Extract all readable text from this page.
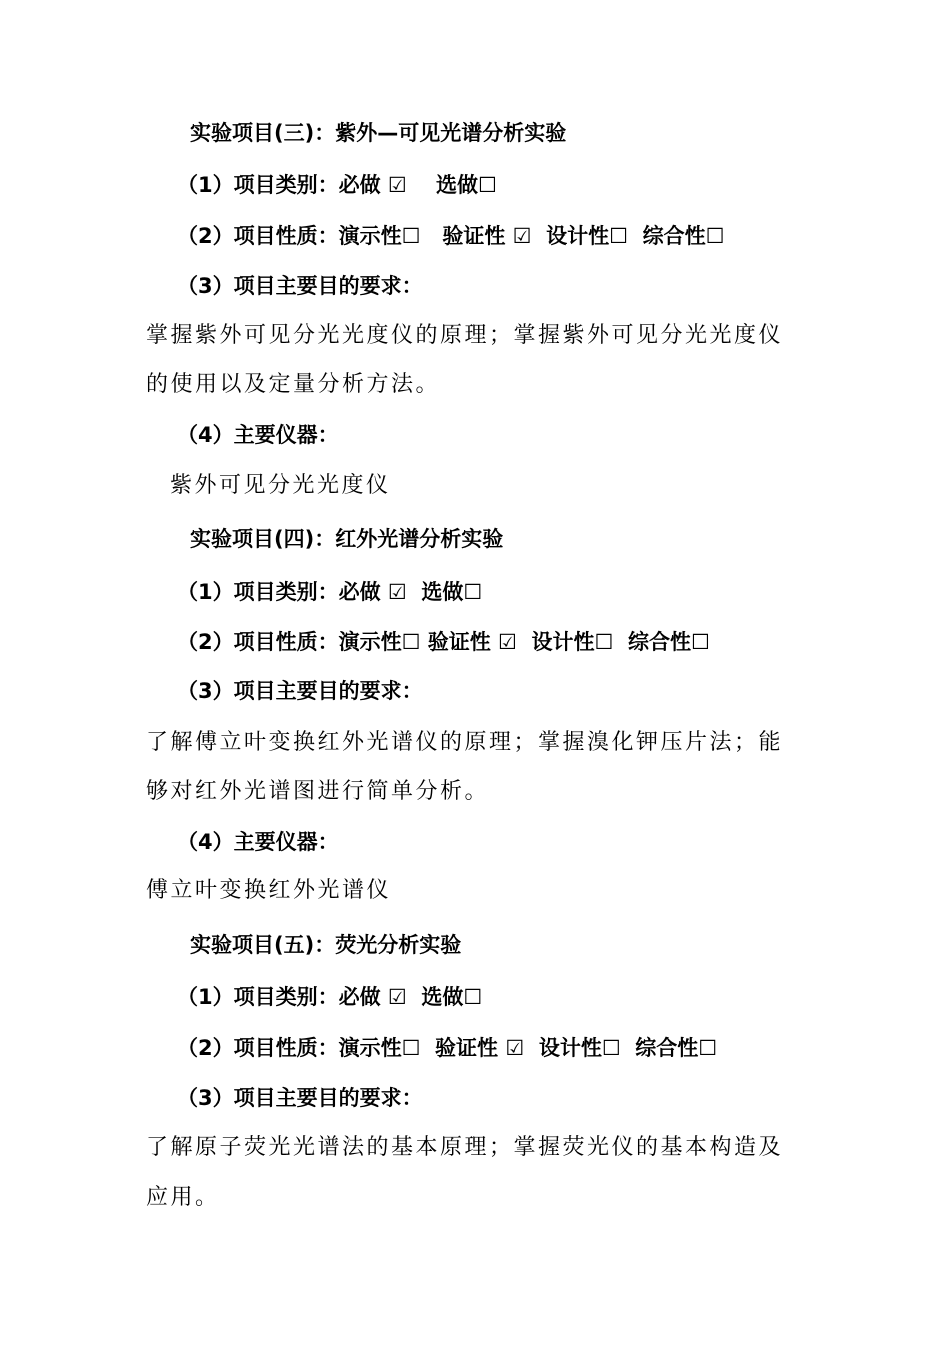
实验项目(三)：紫外—可见光谱分析实验
（1）项目类别：必做 ☑    选做☐
（2）项目性质：演示性☐   验证性 ☑  设计性☐  综合性☐
（3）项目主要目的要求：
掌握紫外可见分光光度仪的原理；掌握紫外可见分光光度仪
的使用以及定量分析方法。
（4）主要仪器：
紫外可见分光光度仪
实验项目(四)：红外光谱分析实验
（1）项目类别：必做 ☑  选做☐
（2）项目性质：演示性☐ 验证性 ☑  设计性☐  综合性☐
（3）项目主要目的要求：
了解傅立叶变换红外光谱仪的原理；掌握溴化钾压片法；能
够对红外光谱图进行简单分析。
（4）主要仪器：
傅立叶变换红外光谱仪
实验项目(五)：荧光分析实验
（1）项目类别：必做 ☑  选做☐
（2）项目性质：演示性☐  验证性 ☑  设计性☐  综合性☐
（3）项目主要目的要求：
了解原子荧光光谱法的基本原理；掌握荧光仪的基本构造及
应用。
